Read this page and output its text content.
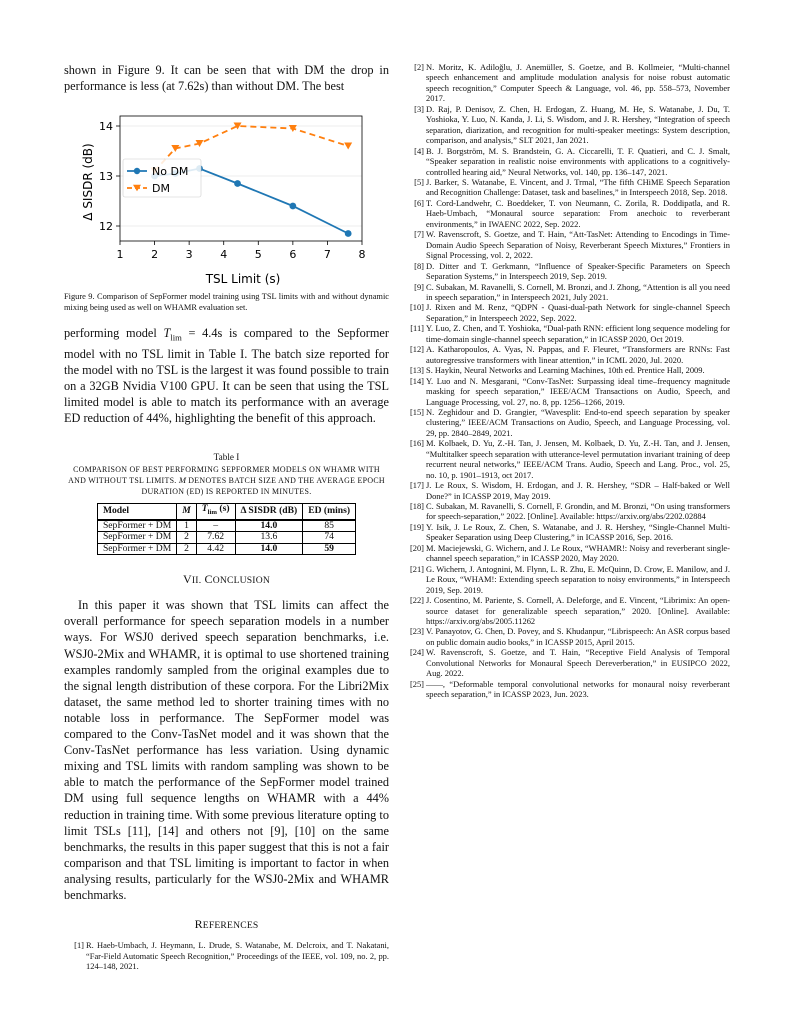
shown in Figure 9. It can be seen that with DM the drop in performance is less (at 7.62s) than without DM. The best

1	2	3	4	5	6	7	8
12
13
14
Δ SISDR (dB)
TSL Limit (s)
No DM
DM

Figure 9. Comparison of SepFormer model training using TSL limits with and without dynamic mixing being used as well on WHAMR evaluation set.

performing model $T_{lim} = 4.4s$ is compared to the Sepformer model with no TSL limit in Table I. The batch size reported for the model with no TSL is the largest it was found possible to train on a 32GB Nvidia V100 GPU. It can be seen that using the TSL limited model is able to match its performance with an average ED reduction of 44%, highlighting the benefit of this approach.

Table I

COMPARISON OF BEST PERFORMING SEPFORMER MODELS ON WHAMR WITH AND WITHOUT TSL LIMITS. M DENOTES BATCH SIZE AND THE AVERAGE EPOCH DURATION (ED) IS REPORTED IN MINUTES.

Model	M	$T_{lim}$ (s)	Δ SISDR (dB)	ED (mins)
SepFormer + DM	1	–	14.0	85
SepFormer + DM	2	7.62	13.6	74
SepFormer + DM	2	4.42	14.0	59
VII. CONCLUSION

In this paper it was shown that TSL limits can affect the overall performance for speech separation models in a number ways. For WSJ0 derived speech separation benchmarks, i.e. WSJ0-2Mix and WHAMR, it is optimal to use shortened training examples randomly sampled from the original examples due to the signal length distribution of these corpora. For the Libri2Mix dataset, the same method led to shorter training times with no notable loss in performance. The SepFormer model was compared to the Conv-TasNet model and it was shown that the Conv-TasNet performance has less variation. Using dynamic mixing and TSL limits with random sampling was shown to be able to match the performance of the SepFormer model trained DM using full sequence lengths on WHAMR with a 44% reduction in training time. With some previous literature opting to limit TSLs [11], [14] and others not [9], [10] on the same benchmarks, the results in this paper suggest that this is not a fair comparison and that TSL limiting is important to factor in when analysing results, particularly for the WSJ0-2Mix and WHAMR benchmarks.

REFERENCES

[1] R. Haeb-Umbach, J. Heymann, L. Drude, S. Watanabe, M. Delcroix, and T. Nakatani, “Far-Field Automatic Speech Recognition,” Proceedings of the IEEE, vol. 109, no. 2, pp. 124–148, 2021.

[2] N. Moritz, K. Adiloğlu, J. Anemüller, S. Goetze, and B. Kollmeier, “Multi-channel speech enhancement and amplitude modulation analysis for noise robust automatic speech recognition,” Computer Speech & Language, vol. 46, pp. 558–573, November 2017.

[3] D. Raj, P. Denisov, Z. Chen, H. Erdogan, Z. Huang, M. He, S. Watanabe, J. Du, T. Yoshioka, Y. Luo, N. Kanda, J. Li, S. Wisdom, and J. R. Hershey, “Integration of speech separation, diarization, and recognition for multi-speaker meetings: System description, comparison, and analysis,” SLT 2021, Jan 2021.

[4] B. J. Borgström, M. S. Brandstein, G. A. Ciccarelli, T. F. Quatieri, and C. J. Smalt, “Speaker separation in realistic noise environments with applications to a cognitively-controlled hearing aid,” Neural Networks, vol. 140, pp. 136–147, 2021.

[5] J. Barker, S. Watanabe, E. Vincent, and J. Trmal, “The fifth CHiME Speech Separation and Recognition Challenge: Dataset, task and baselines,” in Interspeech 2018, Sep. 2018.

[6] T. Cord-Landwehr, C. Boeddeker, T. von Neumann, C. Zorila, R. Doddipatla, and R. Haeb-Umbach, “Monaural source separation: From anechoic to reverberant environments,” in IWAENC 2022, Sep. 2022.

[7] W. Ravenscroft, S. Goetze, and T. Hain, “Att-TasNet: Attending to Encodings in Time-Domain Audio Speech Separation of Noisy, Reverberant Speech Mixtures,” Frontiers in Signal Processing, vol. 2, 2022.

[8] D. Ditter and T. Gerkmann, “Influence of Speaker-Specific Parameters on Speech Separation Systems,” in Interspeech 2019, Sep. 2019.

[9] C. Subakan, M. Ravanelli, S. Cornell, M. Bronzi, and J. Zhong, “Attention is all you need in speech separation,” in Interspeech 2021, July 2021.

[10] J. Rixen and M. Renz, “QDPN - Quasi-dual-path Network for single-channel Speech Separation,” in Interspeech 2022, Sep. 2022.

[11] Y. Luo, Z. Chen, and T. Yoshioka, “Dual-path RNN: efficient long sequence modeling for time-domain single-channel speech separation,” in ICASSP 2020, Oct 2019.

[12] A. Katharopoulos, A. Vyas, N. Pappas, and F. Fleuret, “Transformers are RNNs: Fast autoregressive transformers with linear attention,” in ICML 2020, Jul. 2020.

[13] S. Haykin, Neural Networks and Learning Machines, 10th ed. Prentice Hall, 2009.

[14] Y. Luo and N. Mesgarani, “Conv-TasNet: Surpassing ideal time–frequency magnitude masking for speech separation,” IEEE/ACM Transactions on Audio, Speech, and Language Processing, vol. 27, no. 8, pp. 1256–1266, 2019.

[15] N. Zeghidour and D. Grangier, “Wavesplit: End-to-end speech separation by speaker clustering,” IEEE/ACM Transactions on Audio, Speech, and Language Processing, vol. 29, pp. 2840–2849, 2021.

[16] M. Kolbaek, D. Yu, Z.-H. Tan, J. Jensen, M. Kolbaek, D. Yu, Z.-H. Tan, and J. Jensen, “Multitalker speech separation with utterance-level permutation invariant training of deep recurrent neural networks,” IEEE/ACM Trans. Audio, Speech and Lang. Proc., vol. 25, no. 10, p. 1901–1913, oct 2017.

[17] J. Le Roux, S. Wisdom, H. Erdogan, and J. R. Hershey, “SDR – Half-baked or Well Done?” in ICASSP 2019, May 2019.

[18] C. Subakan, M. Ravanelli, S. Cornell, F. Grondin, and M. Bronzi, “On using transformers for speech-separation,” 2022. [Online]. Available: https://arxiv.org/abs/2202.02884

[19] Y. Isik, J. Le Roux, Z. Chen, S. Watanabe, and J. R. Hershey, “Single-Channel Multi-Speaker Separation using Deep Clustering,” in ICASSP 2016, Sep. 2016.

[20] M. Maciejewski, G. Wichern, and J. Le Roux, “WHAMR!: Noisy and reverberant single-channel speech separation,” in ICASSP 2020, May 2020.

[21] G. Wichern, J. Antognini, M. Flynn, L. R. Zhu, E. McQuinn, D. Crow, E. Manilow, and J. Le Roux, “WHAM!: Extending speech separation to noisy environments,” in Interspeech 2019, Sep. 2019.

[22] J. Cosentino, M. Pariente, S. Cornell, A. Deleforge, and E. Vincent, “Librimix: An open-source dataset for generalizable speech separation,” 2020. [Online]. Available: https://arxiv.org/abs/2005.11262

[23] V. Panayotov, G. Chen, D. Povey, and S. Khudanpur, “Librispeech: An ASR corpus based on public domain audio books,” in ICASSP 2015, April 2015.

[24] W. Ravenscroft, S. Goetze, and T. Hain, “Receptive Field Analysis of Temporal Convolutional Networks for Monaural Speech Dereverberation,” in EUSIPCO 2022, Aug. 2022.

[25] ——, “Deformable temporal convolutional networks for monaural noisy reverberant speech separation,” in ICASSP 2023, Jun. 2023.
